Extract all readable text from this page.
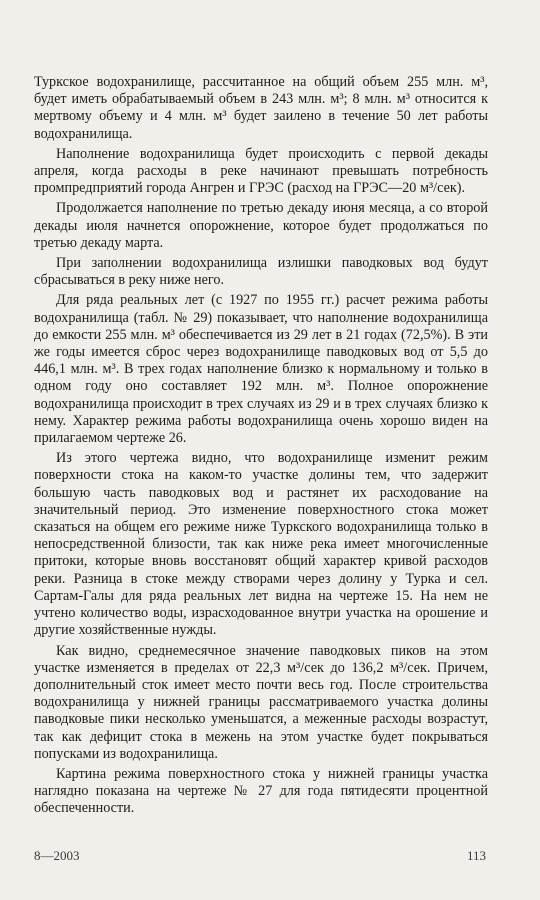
Туркское водохранилище, рассчитанное на общий объем 255 млн. м³, будет иметь обрабатываемый объем в 243 млн. м³; 8 млн. м³ относится к мертвому объему и 4 млн. м³ будет заилено в течение 50 лет работы водохранилища.

Наполнение водохранилища будет происходить с первой декады апреля, когда расходы в реке начинают превышать потребность промпредприятий города Ангрен и ГРЭС (расход на ГРЭС—20 м³/сек).

Продолжается наполнение по третью декаду июня месяца, а со второй декады июля начнется опорожнение, которое будет продолжаться по третью декаду марта.

При заполнении водохранилища излишки паводковых вод будут сбрасываться в реку ниже него.

Для ряда реальных лет (с 1927 по 1955 гг.) расчет режима работы водохранилища (табл. № 29) показывает, что наполнение водохранилища до емкости 255 млн. м³ обеспечивается из 29 лет в 21 годах (72,5%). В эти же годы имеется сброс через водохранилище паводковых вод от 5,5 до 446,1 млн. м³. В трех годах наполнение близко к нормальному и только в одном году оно составляет 192 млн. м³. Полное опорожнение водохранилища происходит в трех случаях из 29 и в трех случаях близко к нему. Характер режима работы водохранилища очень хорошо виден на прилагаемом чертеже 26.

Из этого чертежа видно, что водохранилище изменит режим поверхности стока на каком-то участке долины тем, что задержит большую часть паводковых вод и растянет их расходование на значительный период. Это изменение поверхностного стока может сказаться на общем его режиме ниже Туркского водохранилища только в непосредственной близости, так как ниже река имеет многочисленные притоки, которые вновь восстановят общий характер кривой расходов реки. Разница в стоке между створами через долину у Турка и сел. Сартам-Галы для ряда реальных лет видна на чертеже 15. На нем не учтено количество воды, израсходованное внутри участка на орошение и другие хозяйственные нужды.

Как видно, среднемесячное значение паводковых пиков на этом участке изменяется в пределах от 22,3 м³/сек до 136,2 м³/сек. Причем, дополнительный сток имеет место почти весь год. После строительства водохранилища у нижней границы рассматриваемого участка долины паводковые пики несколько уменьшатся, а меженные расходы возрастут, так как дефицит стока в межень на этом участке будет покрываться попусками из водохранилища.

Картина режима поверхностного стока у нижней границы участка наглядно показана на чертеже № 27 для года пятидесяти процентной обеспеченности.

8—2003	113
